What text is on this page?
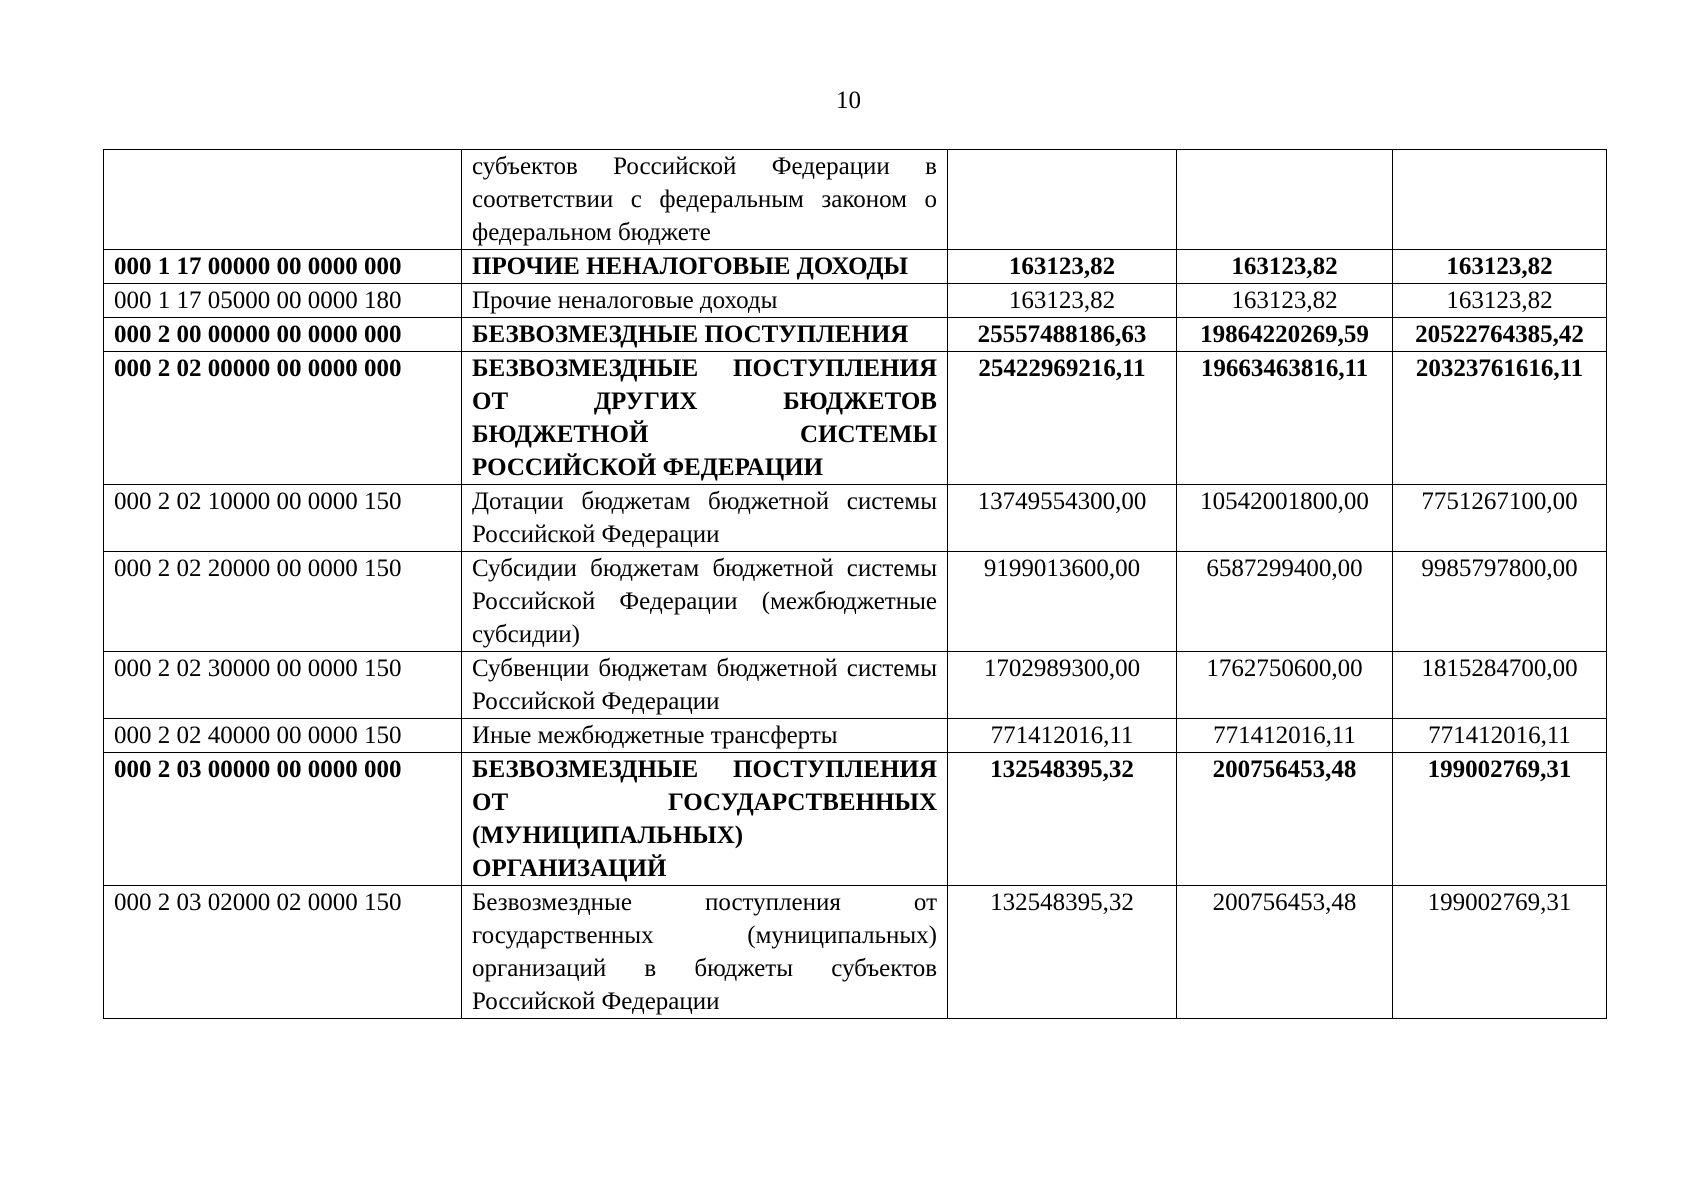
10
	субъектов Российской Федерации в соответствии с федеральным законом о федеральном бюджете			
000 1 17 00000 00 0000 000	ПРОЧИЕ НЕНАЛОГОВЫЕ ДОХОДЫ	163123,82	163123,82	163123,82
000 1 17 05000 00 0000 180	Прочие неналоговые доходы	163123,82	163123,82	163123,82
000 2 00 00000 00 0000 000	БЕЗВОЗМЕЗДНЫЕ ПОСТУПЛЕНИЯ	25557488186,63	19864220269,59	20522764385,42
000 2 02 00000 00 0000 000	БЕЗВОЗМЕЗДНЫЕ ПОСТУПЛЕНИЯ ОТ ДРУГИХ БЮДЖЕТОВ БЮДЖЕТНОЙ СИСТЕМЫ РОССИЙСКОЙ ФЕДЕРАЦИИ	25422969216,11	19663463816,11	20323761616,11
000 2 02 10000 00 0000 150	Дотации бюджетам бюджетной системы Российской Федерации	13749554300,00	10542001800,00	7751267100,00
000 2 02 20000 00 0000 150	Субсидии бюджетам бюджетной системы Российской Федерации (межбюджетные субсидии)	9199013600,00	6587299400,00	9985797800,00
000 2 02 30000 00 0000 150	Субвенции бюджетам бюджетной системы Российской Федерации	1702989300,00	1762750600,00	1815284700,00
000 2 02 40000 00 0000 150	Иные межбюджетные трансферты	771412016,11	771412016,11	771412016,11
000 2 03 00000 00 0000 000	БЕЗВОЗМЕЗДНЫЕ ПОСТУПЛЕНИЯ ОТ ГОСУДАРСТВЕННЫХ (МУНИЦИПАЛЬНЫХ) ОРГАНИЗАЦИЙ	132548395,32	200756453,48	199002769,31
000 2 03 02000 02 0000 150	Безвозмездные поступления от государственных (муниципальных) организаций в бюджеты субъектов Российской Федерации	132548395,32	200756453,48	199002769,31
